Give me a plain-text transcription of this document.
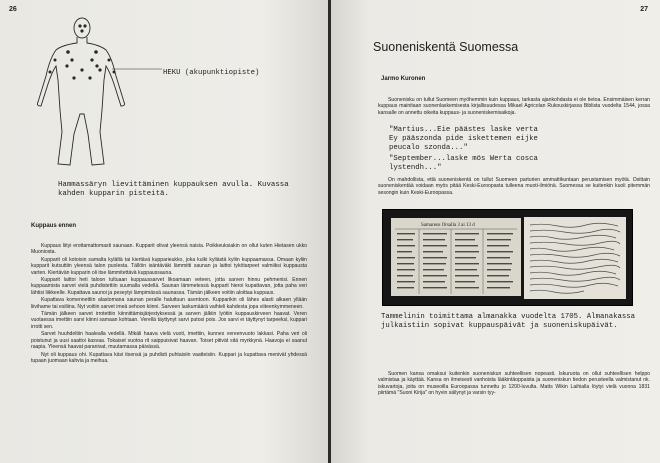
26
HEKU (akupunktiopiste)
Hammassäryn lievittäminen kuppauksen avulla. Kuvassa kahden kupparin pisteitä.
Kuppaus ennen

Kuppaus liityi erottamattomasti saunaan. Kupparit olivat yleensä naisia. Poikkeuksiakin on ollut kuten Hietasen ukko Muoniosta.

Kupparit oli kotoisin samalta kylältä tai kiertävä kupparieukko, joka kulki kyliästä kyliin kuppaamassa. Omaan kyliin kupparit kutsuttiin yleensä talon puolesta. Tällöin isäntäväki lämmitti saunan ja laittoi tykötarpeet valmiiksi kuppausta varten. Kiertävän kupparin oli itse lämmitettävä kuppaussauna.

Kupparit laittoi heti taloon tultuaan kuppaussarvet likoamaan veteen, jotta sarven hinnu pehmenisi. Ennen kuppaamista sarvet vielä puhdistettiin suumalla vedellä. Saunan lämmetessä kupparit hieroi kupattavan, jotta paha veri lähtisi liikkeelle. Kupattava saunoi ja peseytyi lämpimässä saunassa. Tämän jälkeen voitiin aloittaa kuppaus.

Kupattava komennettiin alastomana saunan peralle haluttuun asentoon. Kupparikin oli lähes alasti alkaen yllään liivihame tai esiliina. Nyt voitiin sarvet imeä sehoon kiinni. Sarveen laskumäärä vaihteli kahdesta jopa viiteenkymmeneen.

Tämän jälkeen sarvet irrotettiin kiinnittämisjärjestyksessä ja sarven jälkiin lyötiin kuppauskirveen haavat. Veren vuotaessa imettiin sarvi kiinni samaan kohtaan. Verellä täyttynyt sarvi putosi pois. Jos sarvi ei täyttynyt tarpeeksi, kuppari irrotti sen.

Sarvet huuhdeltiin haalealla vedellä. Mikäli haava vielä vuoti, imettiin, kunnes vereenvuoto lakkasi. Paha veri oli poistunut ja uusi saattoi kasvaa. Tokaiset vuotoa rit saippuisivat haavan. Toiset pitivät sitä myrkkynä. Haavoja ei saanut raapia. Yleensä haavat paranivat, muutamassa päivässä.

Nyt oli kuppaus ohi. Kupattava kävi itsensä ja puhdisti puhtaisiin vaatteisiin. Kuppari ja kupattava menivät yhdessä tupaan juomaan kahvia ja meihua.

27
Suoneniskentä Suomessa
Jarmo Kuronen

Suonenisku on tullut Suomeen myöhemmin kuin kuppaus, tarkasta ajankohdasta ei ole tietoa. Ensimmäisen kerran kuppaus mainitaan suonenlaskemisesta kirjallisuudessa Mikael Agricolan Rukouskirjassa Biblista vuodelta 1544, jossa kansalle on annettu oikeita kuppaus- ja suoneniskemisaikoja.

"Martius...Eie päästes laske verta
Ey pääszonda pide iskettemen eijke
peucalo szonda..."
"September...laske mös Werta cosca
lystendh..."

On mahdollista, että suoneniskentä on tullut Suomeen parturien ammattikuntaan perustamisen myötä. Osittain suoneniskentää voidaan myös pitää Keski-Euroopasta tulleena muoti-ilmiönä. Suomessa se kuitenkin kuoli pitemmän sesongin kuin Keski-Euroopassa.

Samarens Orsalla 3 ai 13 d
Tammelinin toimittama almanakka vuodelta 1705. Almanakassa julkaistiin sopivat kuppauspäivät ja suoneniskupäivät.

Suomen kansa omaksui kuitenkin suoneniskun suhteellisen nopeasti. Iskuruota on ollut suhteellisen helppo valmistaa ja käyttää. Kansa on ilmeisesti vanhoista lääkintäoppaista ja suoneniskun tiedon perusteella valmistanut nk. iskuvartoja, joita on museoilla Euroopassa tunnettu jo 1200-luvulta. Matts Wikin Laihialla löytyi vielä vuonna 1831 piirtämä "Suoni Kirija" on hyvin säilynyt ja varsin tyy-
